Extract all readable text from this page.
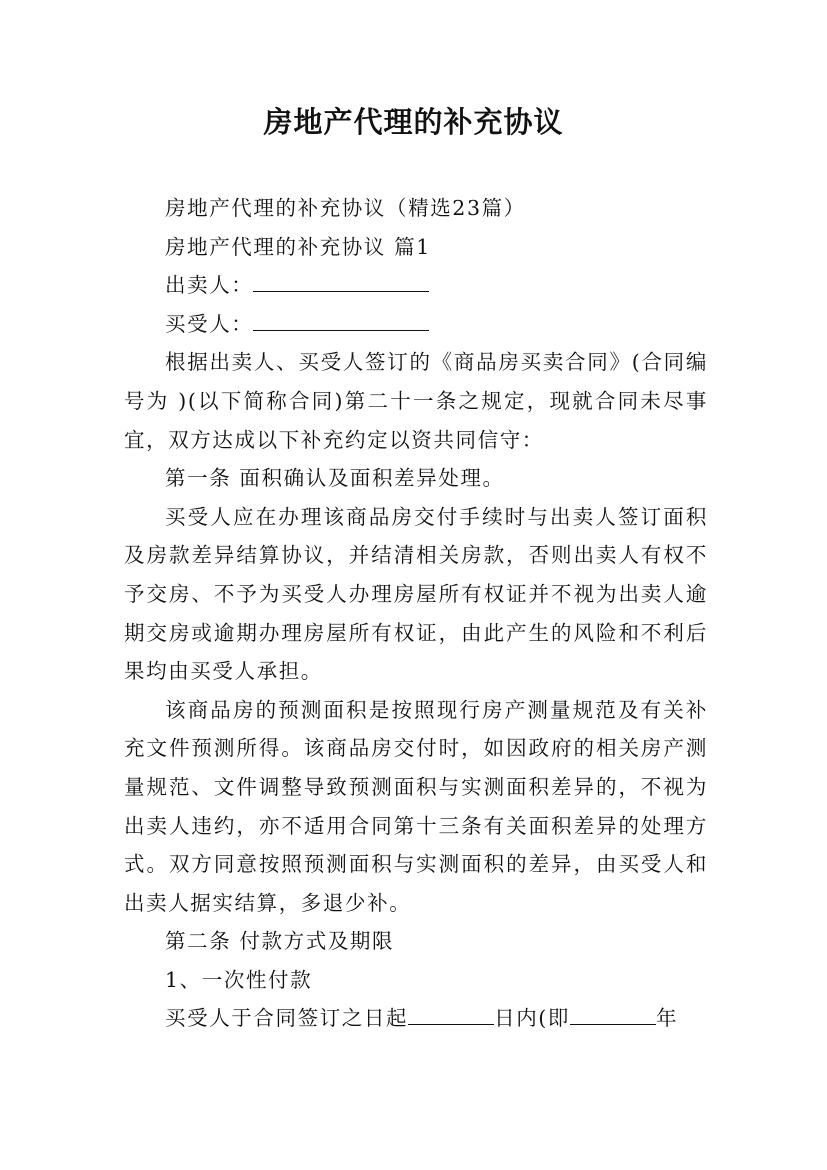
房地产代理的补充协议

房地产代理的补充协议（精选23篇）

房地产代理的补充协议 篇1

出卖人：

买受人：

根据出卖人、买受人签订的《商品房买卖合同》(合同编号为 )(以下简称合同)第二十一条之规定，现就合同未尽事宜，双方达成以下补充约定以资共同信守：

第一条 面积确认及面积差异处理。

买受人应在办理该商品房交付手续时与出卖人签订面积及房款差异结算协议，并结清相关房款，否则出卖人有权不予交房、不予为买受人办理房屋所有权证并不视为出卖人逾期交房或逾期办理房屋所有权证，由此产生的风险和不利后果均由买受人承担。

该商品房的预测面积是按照现行房产测量规范及有关补充文件预测所得。该商品房交付时，如因政府的相关房产测量规范、文件调整导致预测面积与实测面积差异的，不视为出卖人违约，亦不适用合同第十三条有关面积差异的处理方式。双方同意按照预测面积与实测面积的差异，由买受人和出卖人据实结算，多退少补。

第二条 付款方式及期限

1、一次性付款

买受人于合同签订之日起	日内(即	年
